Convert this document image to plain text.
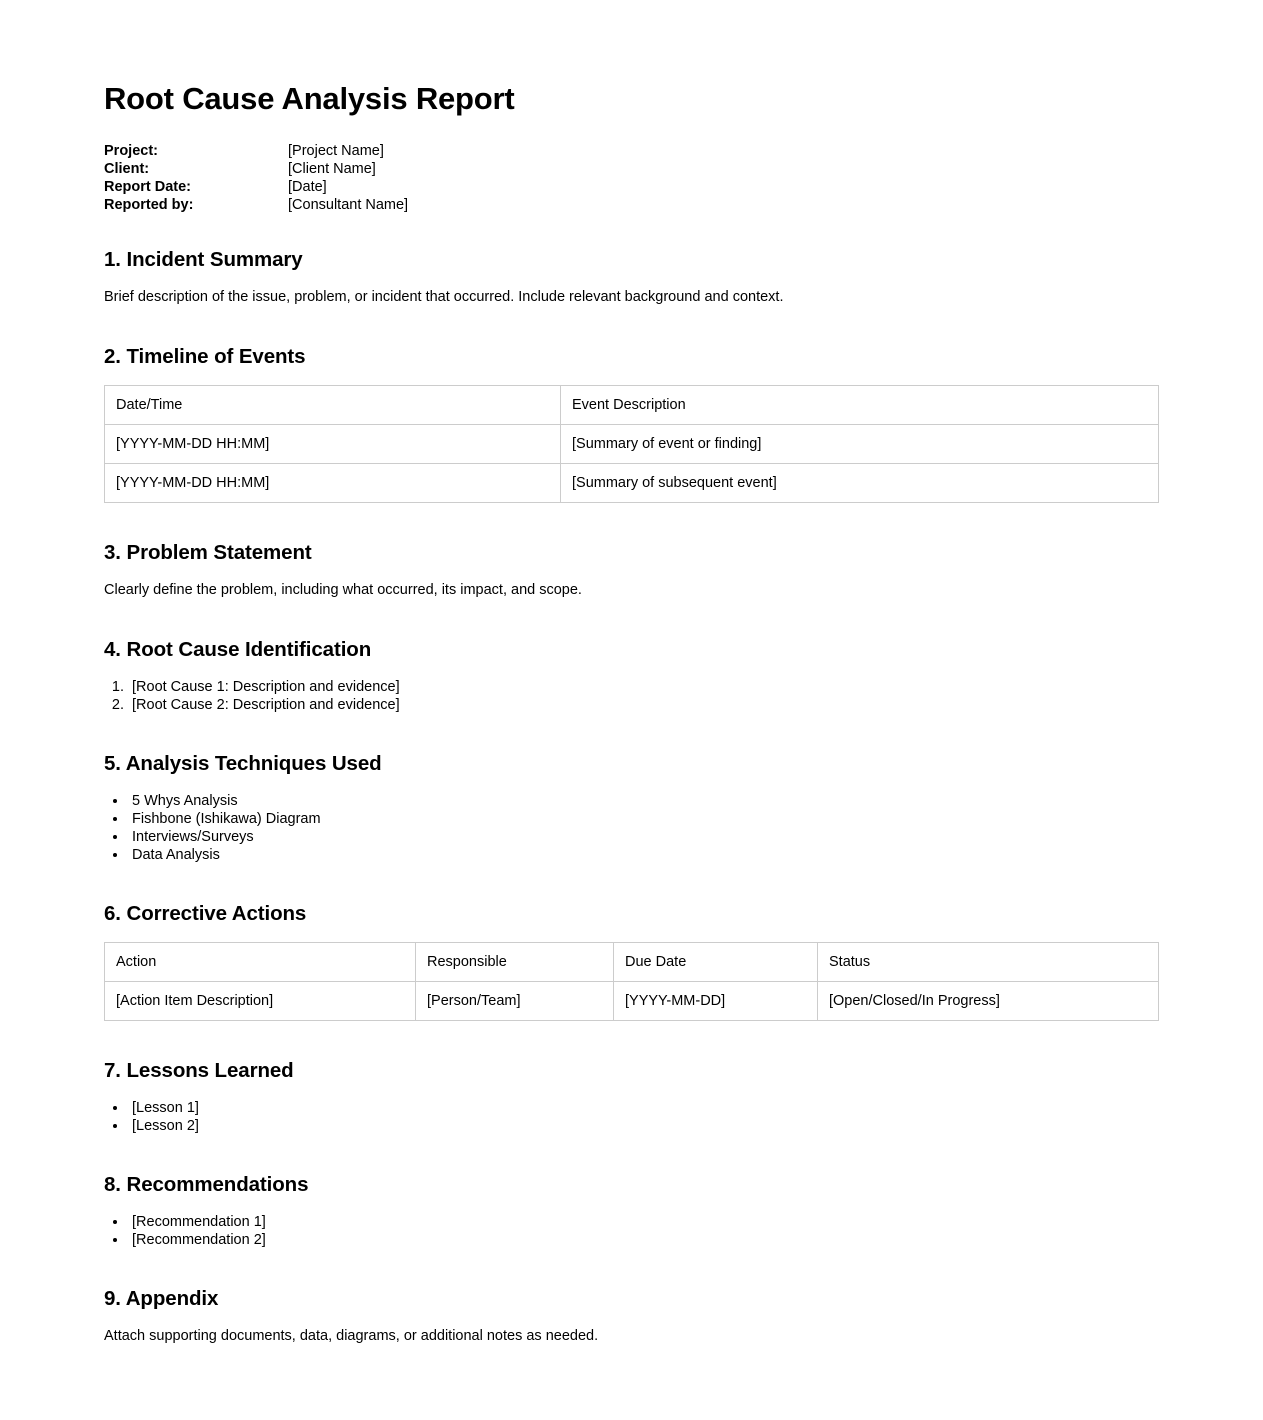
Root Cause Analysis Report
Project:	[Project Name]
Client:	[Client Name]
Report Date:	[Date]
Reported by:	[Consultant Name]
1. Incident Summary

Brief description of the issue, problem, or incident that occurred. Include relevant background and context.

2. Timeline of Events
Date/Time	Event Description
[YYYY-MM-DD HH:MM]	[Summary of event or finding]
[YYYY-MM-DD HH:MM]	[Summary of subsequent event]
3. Problem Statement

Clearly define the problem, including what occurred, its impact, and scope.

4. Root Cause Identification
1. [Root Cause 1: Description and evidence]
2. [Root Cause 2: Description and evidence]
5. Analysis Techniques Used
• 5 Whys Analysis
• Fishbone (Ishikawa) Diagram
• Interviews/Surveys
• Data Analysis
6. Corrective Actions
Action	Responsible	Due Date	Status
[Action Item Description]	[Person/Team]	[YYYY-MM-DD]	[Open/Closed/In Progress]
7. Lessons Learned
• [Lesson 1]
• [Lesson 2]
8. Recommendations
• [Recommendation 1]
• [Recommendation 2]
9. Appendix

Attach supporting documents, data, diagrams, or additional notes as needed.
